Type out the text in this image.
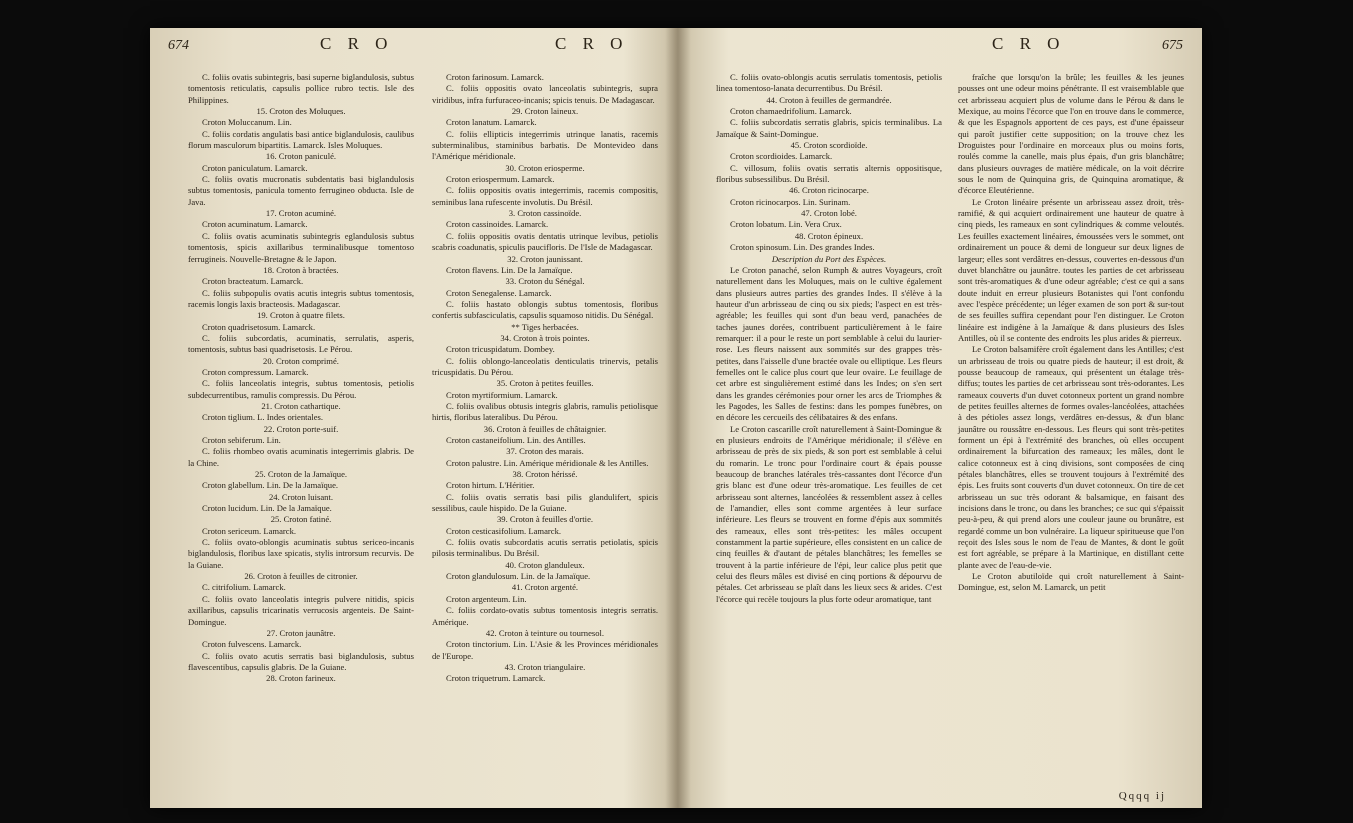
674	C R O	C R O

C. foliis ovatis subintegris, basi superne biglandulosis, subtus tomentosis reticulatis, capsulis pollice rubro tectis. Isle des Philippines.

15. Croton des Moluques.

Croton Moluccanum. Lin.

C. foliis cordatis angulatis basi antice biglandulosis, caulibus florum masculorum bipartitis. Lamarck. Isles Moluques.

16. Croton paniculé.

Croton paniculatum. Lamarck.

C. foliis ovatis mucronatis subdentatis basi biglandulosis subtus tomentosis, panicula tomento ferrugineo obducta. Isle de Java.

17. Croton acuminé.

Croton acuminatum. Lamarck.

C. foliis ovatis acuminatis subintegris eglandulosis subtus tomentosis, spicis axillaribus terminalibusque tomentoso ferrugineis. Nouvelle-Bretagne & le Japon.

18. Croton à bractées.

Croton bracteatum. Lamarck.

C. foliis subpopulis ovatis acutis integris subtus tomentosis, racemis longis laxis bracteosis. Madagascar.

19. Croton à quatre filets.

Croton quadrisetosum. Lamarck.

C. foliis subcordatis, acuminatis, serrulatis, asperis, tomentosis, subtus basi quadrisetosis. Le Pérou.

20. Croton comprimé.

Croton compressum. Lamarck.

C. foliis lanceolatis integris, subtus tomentosis, petiolis subdecurrentibus, ramulis compressis. Du Pérou.

21. Croton cathartique.

Croton tiglium. L. Indes orientales.

22. Croton porte-suif.

Croton sebiferum. Lin.

C. foliis rhombeo ovatis acuminatis integerrimis glabris. De la Chine.

25. Croton de la Jamaïque.

Croton glabellum. Lin. De la Jamaïque.

24. Croton luisant.

Croton lucidum. Lin. De la Jamaïque.

25. Croton fatiné.

Croton sericeum. Lamarck.

C. foliis ovato-oblongis acuminatis subtus sericeo-incanis biglandulosis, floribus laxe spicatis, stylis introrsum recurvis. De la Guiane.

26. Croton à feuilles de citronier.

C. citrifolium. Lamarck.

C. foliis ovato lanceolatis integris pulvere nitidis, spicis axillaribus, capsulis tricarinatis verrucosis argenteis. De Saint-Domingue.

27. Croton jaunâtre.

Croton fulvescens. Lamarck.

C. foliis ovato acutis serratis basi biglandulosis, subtus flavescentibus, capsulis glabris. De la Guiane.

28. Croton farineux.

Croton farinosum. Lamarck.

C. foliis oppositis ovato lanceolatis subintegris, supra viridibus, infra furfuraceo-incanis; spicis tenuis. De Madagascar.

29. Croton laineux.

Croton lanatum. Lamarck.

C. foliis ellipticis integerrimis utrinque lanatis, racemis subterminalibus, staminibus barbatis. De Montevideo dans l'Amérique méridionale.

30. Croton eriosperme.

Croton eriospermum. Lamarck.

C. foliis oppositis ovatis integerrimis, racemis compositis, seminibus lana rufescente involutis. Du Brésil.

3. Croton cassinoïde.

Croton cassinoides. Lamarck.

C. foliis oppositis ovatis dentatis utrinque levibus, petiolis scabris coadunatis, spiculis paucifloris. De l'Isle de Madagascar.

32. Croton jaunissant.

Croton flavens. Lin. De la Jamaïque.

33. Croton du Sénégal.

Croton Senegalense. Lamarck.

C. foliis hastato oblongis subtus tomentosis, floribus confertis subfasciculatis, capsulis squamoso nitidis. Du Sénégal.

** Tiges herbacées.

34. Croton à trois pointes.

Croton tricuspidatum. Dombey.

C. foliis oblongo-lanceolatis denticulatis trinervis, petalis tricuspidatis. Du Pérou.

35. Croton à petites feuilles.

Croton myrtiformium. Lamarck.

C. foliis ovalibus obtusis integris glabris, ramulis petiolisque hirtis, floribus lateralibus. Du Pérou.

36. Croton à feuilles de châtaignier.

Croton castaneifolium. Lin. des Antilles.

37. Croton des marais.

Croton palustre. Lin. Amérique méridionale & les Antilles.

38. Croton hérissé.

Croton hirtum. L'Héritier.

C. foliis ovatis serratis basi pilis glandulifert, spicis sessilibus, caule hispido. De la Guiane.

39. Croton à feuilles d'ortie.

Croton cesticasifolium. Lamarck.

C. foliis ovatis subcordatis acutis serratis petiolatis, spicis pilosis terminalibus. Du Brésil.

40. Croton glanduleux.

Croton glandulosum. Lin. de la Jamaïque.

41. Croton argenté.

Croton argenteum. Lin.

C. foliis cordato-ovatis subtus tomentosis integris serratis. Amérique.

42. Croton à teinture ou tournesol.

Croton tinctorium. Lin. L'Asie & les Provinces méridionales de l'Europe.

43. Croton triangulaire.

Croton triquetrum. Lamarck.

C R O	675

C. foliis ovato-oblongis acutis serrulatis tomentosis, petiolis linea tomentoso-lanata decurrentibus. Du Brésil.

44. Croton à feuilles de germandrée.

Croton chamaedrifolium. Lamarck.

C. foliis subcordatis serratis glabris, spicis terminalibus. La Jamaïque & Saint-Domingue.

45. Croton scordioïde.

Croton scordioides. Lamarck.

C. villosum, foliis ovatis serratis alternis oppositisque, floribus subsessilibus. Du Brésil.

46. Croton ricinocarpe.

Croton ricinocarpos. Lin. Surinam.

47. Croton lobé.

Croton lobatum. Lin. Vera Crux.

48. Croton épineux.

Croton spinosum. Lin. Des grandes Indes.

Description du Port des Espèces.

Le Croton panaché, selon Rumph & autres Voyageurs, croît naturellement dans les Moluques, mais on le cultive également dans plusieurs autres parties des grandes Indes. Il s'élève à la hauteur d'un arbrisseau de cinq ou six pieds; l'aspect en est très-agréable; les feuilles qui sont d'un beau verd, panachées de taches jaunes dorées, contribuent particulièrement à le faire remarquer: il a pour le reste un port semblable à celui du laurier-rose. Les fleurs naissent aux sommités sur des grappes très-petites, dans l'aisselle d'une bractée ovale ou elliptique. Les fleurs femelles ont le calice plus court que leur ovaire. Le feuillage de cet arbre est singulièrement estimé dans les Indes; on s'en sert dans les grandes cérémonies pour orner les arcs de Triomphes & les Pagodes, les Salles de festins: dans les pompes funèbres, on en décore les cercueils des célibataires & des enfans.

Le Croton cascarille croît naturellement à Saint-Domingue & en plusieurs endroits de l'Amérique méridionale; il s'élève en arbrisseau de près de six pieds, & son port est semblable à celui du romarin. Le tronc pour l'ordinaire court & épais pousse beaucoup de branches latérales très-cassantes dont l'écorce d'un gris blanc est d'une odeur très-aromatique. Les feuilles de cet arbrisseau sont alternes, lancéolées & ressemblent assez à celles de l'amandier, elles sont comme argentées à leur surface inférieure. Les fleurs se trouvent en forme d'épis aux sommités des rameaux, elles sont très-petites: les mâles occupent constamment la partie supérieure, elles consistent en un calice de cinq feuilles & d'autant de pétales blanchâtres; les femelles se trouvent à la partie inférieure de l'épi, leur calice plus petit que celui des fleurs mâles est divisé en cinq portions & dépourvu de pétales. Cet arbrisseau se plaît dans les lieux secs & arides. C'est l'écorce qui recèle toujours la plus forte odeur aromatique, tant

fraîche que lorsqu'on la brûle; les feuilles & les jeunes pousses ont une odeur moins pénétrante. Il est vraisemblable que cet arbrisseau acquiert plus de volume dans le Pérou & dans le Mexique, au moins l'écorce que l'on en trouve dans le commerce, & que les Espagnols apportent de ces pays, est d'une épaisseur qui paroît justifier cette supposition; on la trouve chez les Droguistes pour l'ordinaire en morceaux plus ou moins forts, roulés comme la canelle, mais plus épais, d'un gris blanchâtre; dans plusieurs ouvrages de matière médicale, on la voit décrire sous le nom de Quinquina gris, de Quinquina aromatique, & d'écorce Eleutérienne.

Le Croton linéaire présente un arbrisseau assez droit, très-ramifié, & qui acquiert ordinairement une hauteur de quatre à cinq pieds, les rameaux en sont cylindriques & comme veloutés. Les feuilles exactement linéaires, émoussées vers le sommet, ont ordinairement un pouce & demi de longueur sur deux lignes de largeur; elles sont verdâtres en-dessus, couvertes en-dessous d'un duvet blanchâtre ou jaunâtre. toutes les parties de cet arbrisseau sont très-aromatiques & d'une odeur agréable; c'est ce qui a sans doute induit en erreur plusieurs Botanistes qui l'ont confondu avec l'espèce précédente; un léger examen de son port & sur-tout de ses feuilles suffira cependant pour l'en distinguer. Le Croton linéaire est indigène à la Jamaïque & dans plusieurs des Isles Antilles, où il se contente des endroits les plus arides & pierreux.

Le Croton balsamifère croît également dans les Antilles; c'est un arbrisseau de trois ou quatre pieds de hauteur; il est droit, & pousse beaucoup de rameaux, qui présentent un étalage très-diffus; toutes les parties de cet arbrisseau sont très-odorantes. Les rameaux couverts d'un duvet cotonneux portent un grand nombre de petites feuilles alternes de formes ovales-lancéolées, attachées à des pétioles assez longs, verdâtres en-dessus, & d'un blanc jaunâtre ou roussâtre en-dessous. Les fleurs qui sont très-petites forment un épi à l'extrémité des branches, où elles occupent ordinairement la bifurcation des rameaux; les mâles, dont le calice cotonneux est à cinq divisions, sont composées de cinq pétales blanchâtres, elles se trouvent toujours à l'extrémité des épis. Les fruits sont couverts d'un duvet cotonneux. On tire de cet arbrisseau un suc très odorant & balsamique, en faisant des incisions dans le tronc, ou dans les branches; ce suc qui s'épaissit peu-à-peu, & qui prend alors une couleur jaune ou brunâtre, est regardé comme un bon vulnéraire. La liqueur spiritueuse que l'on reçoit des Isles sous le nom de l'eau de Mantes, & dont le goût est fort agréable, se prépare à la Martinique, en distillant cette plante avec de l'eau-de-vie.

Le Croton abutiloïde qui croît naturellement à Saint-Domingue, est, selon M. Lamarck, un petit

Qqqq ij
